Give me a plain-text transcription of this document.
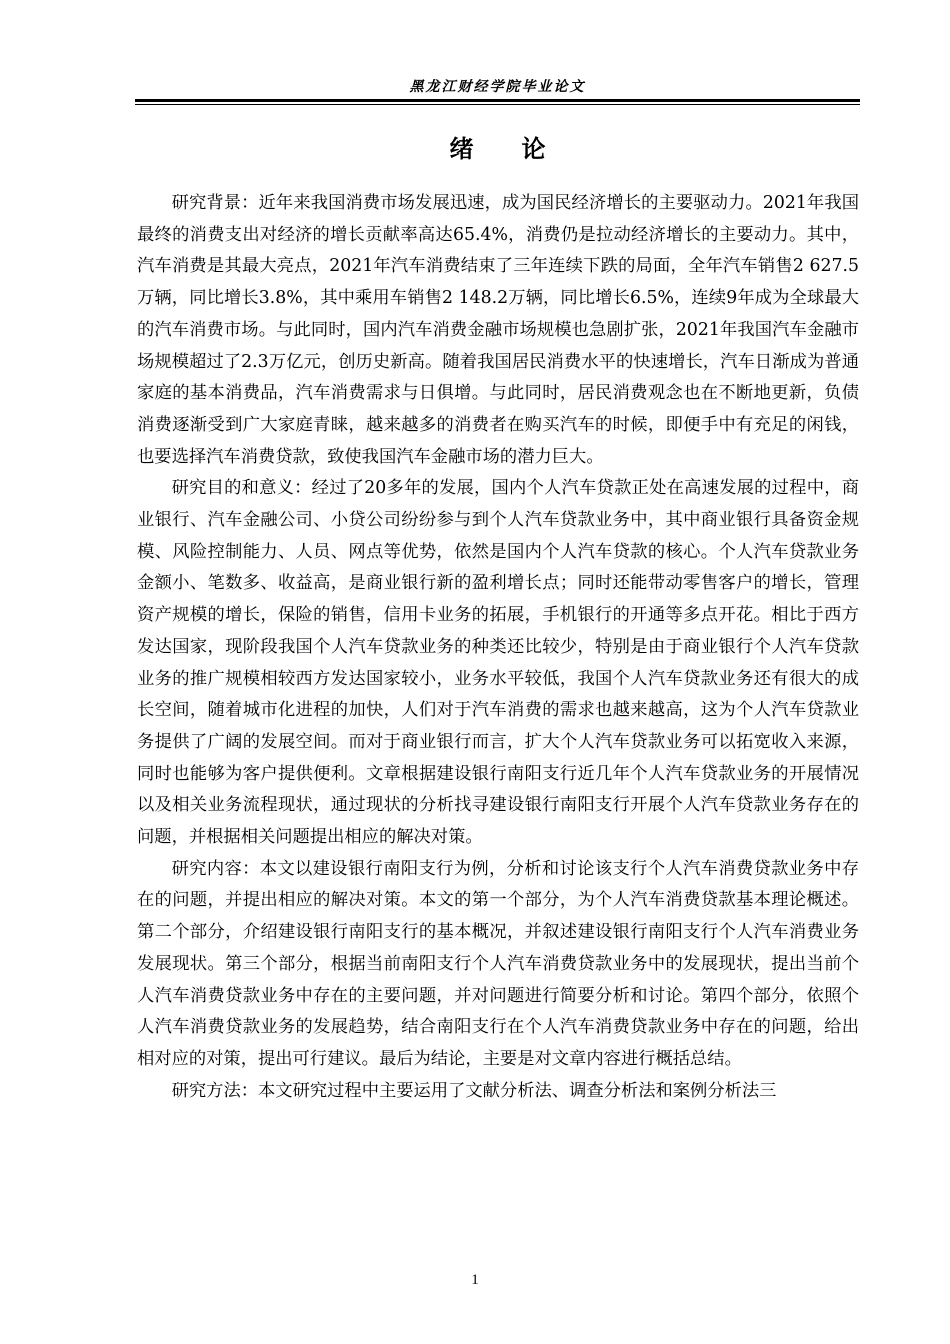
黑龙江财经学院毕业论文
绪 论

研究背景：近年来我国消费市场发展迅速，成为国民经济增长的主要驱动力。2021年我国最终的消费支出对经济的增长贡献率高达65.4%，消费仍是拉动经济增长的主要动力。其中，汽车消费是其最大亮点，2021年汽车消费结束了三年连续下跌的局面，全年汽车销售2 627.5万辆，同比增长3.8%，其中乘用车销售2 148.2万辆，同比增长6.5%，连续9年成为全球最大的汽车消费市场。与此同时，国内汽车消费金融市场规模也急剧扩张，2021年我国汽车金融市场规模超过了2.3万亿元，创历史新高。随着我国居民消费水平的快速增长，汽车日渐成为普通家庭的基本消费品，汽车消费需求与日俱增。与此同时，居民消费观念也在不断地更新，负债消费逐渐受到广大家庭青睐，越来越多的消费者在购买汽车的时候，即便手中有充足的闲钱，也要选择汽车消费贷款，致使我国汽车金融市场的潜力巨大。

研究目的和意义：经过了20多年的发展，国内个人汽车贷款正处在高速发展的过程中，商业银行、汽车金融公司、小贷公司纷纷参与到个人汽车贷款业务中，其中商业银行具备资金规模、风险控制能力、人员、网点等优势，依然是国内个人汽车贷款的核心。个人汽车贷款业务金额小、笔数多、收益高，是商业银行新的盈利增长点；同时还能带动零售客户的增长，管理资产规模的增长，保险的销售，信用卡业务的拓展，手机银行的开通等多点开花。相比于西方发达国家，现阶段我国个人汽车贷款业务的种类还比较少，特别是由于商业银行个人汽车贷款业务的推广规模相较西方发达国家较小，业务水平较低，我国个人汽车贷款业务还有很大的成长空间，随着城市化进程的加快，人们对于汽车消费的需求也越来越高，这为个人汽车贷款业务提供了广阔的发展空间。而对于商业银行而言，扩大个人汽车贷款业务可以拓宽收入来源，同时也能够为客户提供便利。文章根据建设银行南阳支行近几年个人汽车贷款业务的开展情况以及相关业务流程现状，通过现状的分析找寻建设银行南阳支行开展个人汽车贷款业务存在的问题，并根据相关问题提出相应的解决对策。

研究内容：本文以建设银行南阳支行为例，分析和讨论该支行个人汽车消费贷款业务中存在的问题，并提出相应的解决对策。本文的第一个部分，为个人汽车消费贷款基本理论概述。第二个部分，介绍建设银行南阳支行的基本概况，并叙述建设银行南阳支行个人汽车消费业务发展现状。第三个部分，根据当前南阳支行个人汽车消费贷款业务中的发展现状，提出当前个人汽车消费贷款业务中存在的主要问题，并对问题进行简要分析和讨论。第四个部分，依照个人汽车消费贷款业务的发展趋势，结合南阳支行在个人汽车消费贷款业务中存在的问题，给出相对应的对策，提出可行建议。最后为结论，主要是对文章内容进行概括总结。

研究方法：本文研究过程中主要运用了文献分析法、调查分析法和案例分析法三

1
